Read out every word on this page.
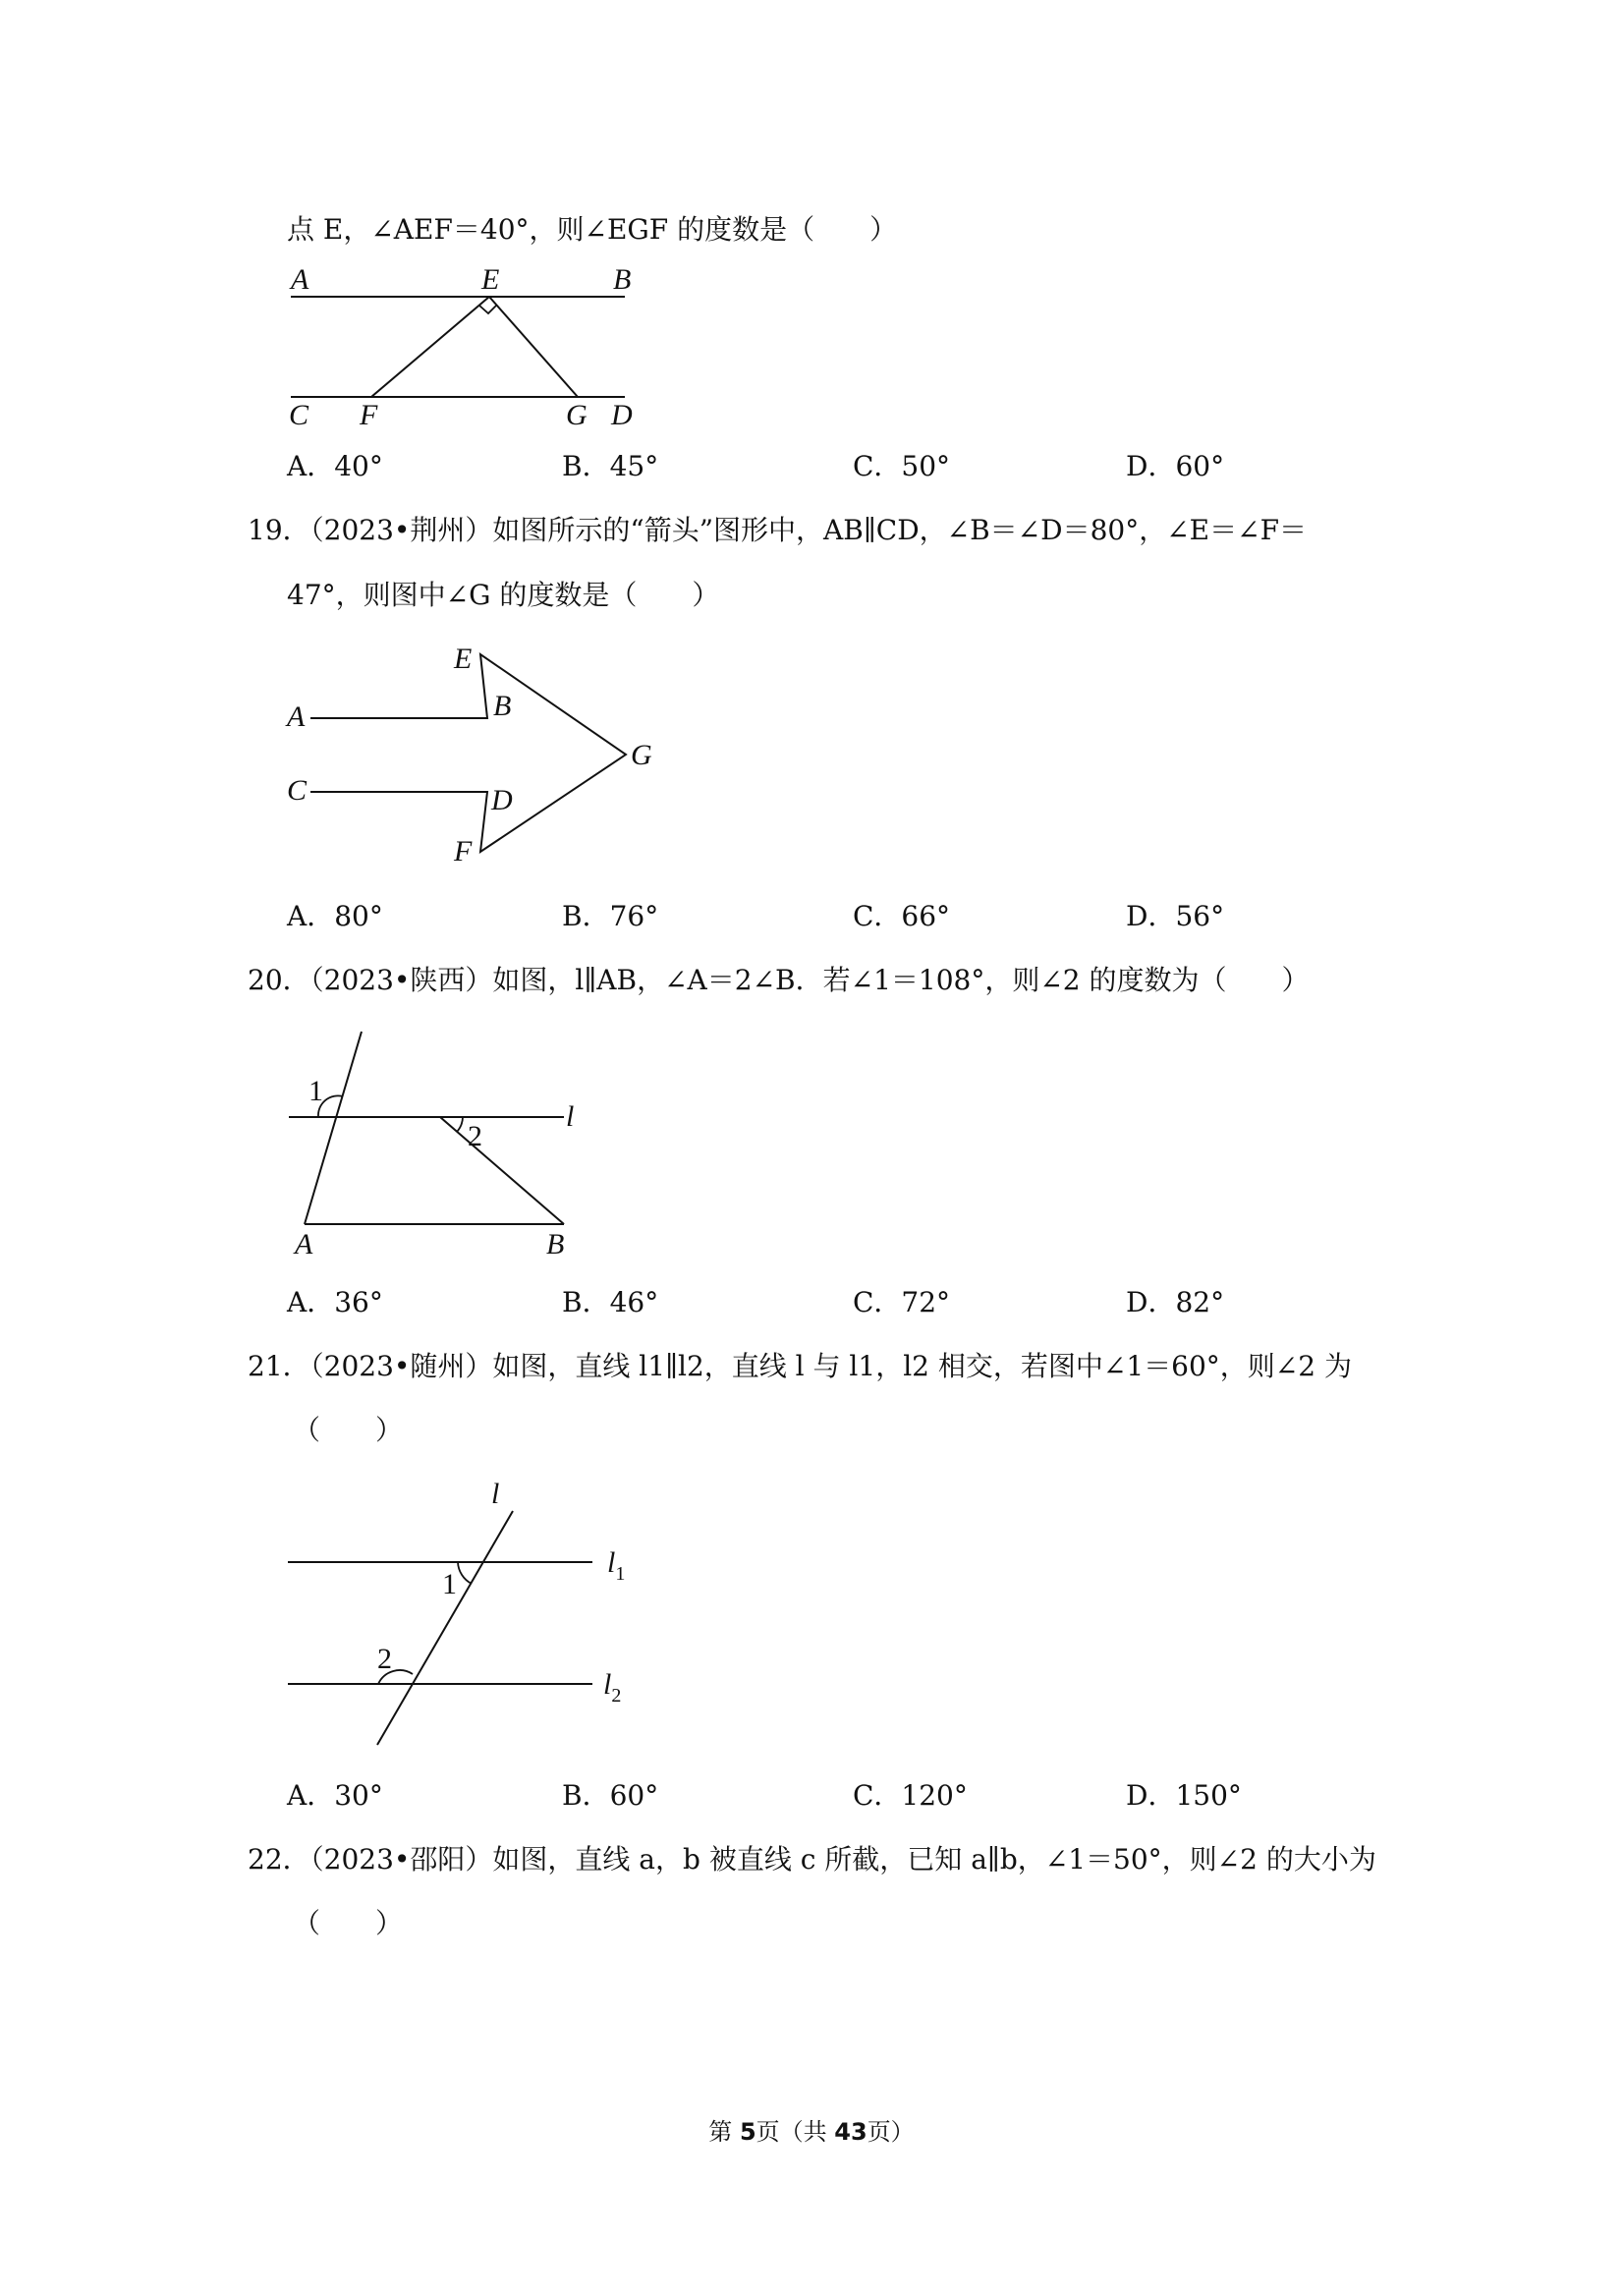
点 E，∠AEF＝40°，则∠EGF 的度数是（　　）
A	E	B
C F	G D
A．40°	B．45°	C．50°	D．60°
19．（2023•荆州）如图所示的“箭头”图形中，AB∥CD，∠B＝∠D＝80°，∠E＝∠F＝
47°，则图中∠G 的度数是（　　）
E
A	B
G
C	D
F
A．80°	B．76°	C．66°	D．56°
20．（2023•陕西）如图，l∥AB，∠A＝2∠B．若∠1＝108°，则∠2 的度数为（　　）
1
2
l
A	B
A．36°	B．46°	C．72°	D．82°
21．（2023•随州）如图，直线 l1∥l2，直线 l 与 l1，l2 相交，若图中∠1＝60°，则∠2 为
（　　）
l
$l_1$
$l_2$
1
2
A．30°	B．60°	C．120°	D．150°
22．（2023•邵阳）如图，直线 a，b 被直线 c 所截，已知 a∥b，∠1＝50°，则∠2 的大小为
（　　）
第 5页（共 43页）
